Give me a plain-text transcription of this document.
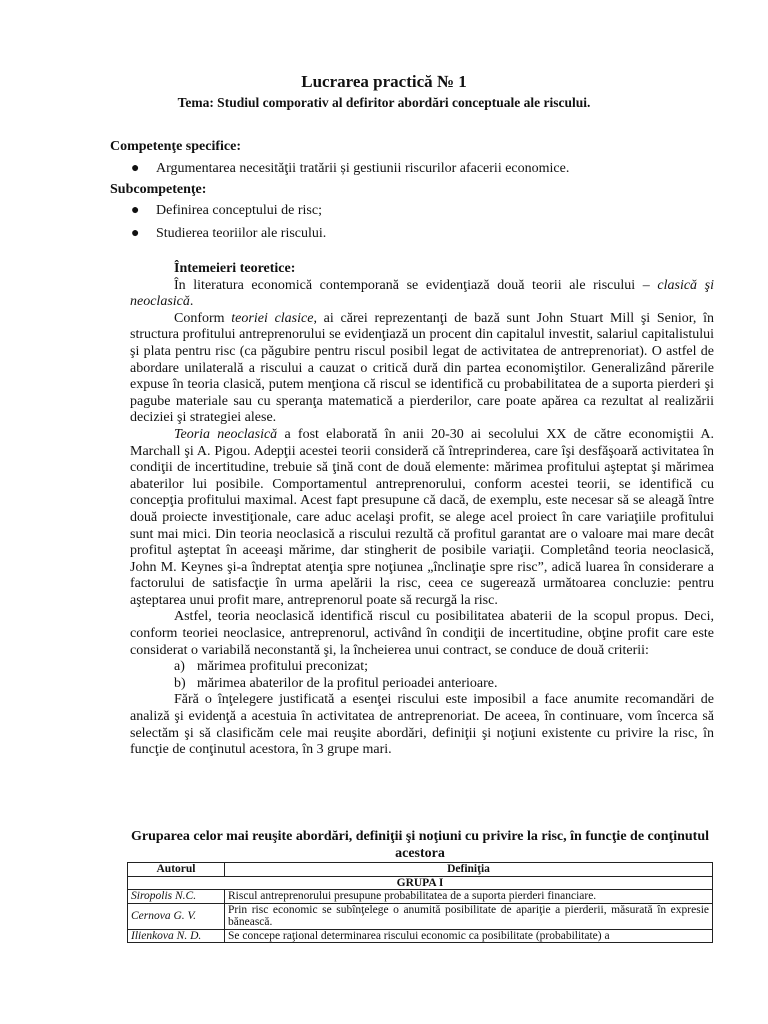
Lucrarea practică № 1
Tema: Studiul comporativ al defiritor abordări conceptuale ale riscului.
Competenţe specifice:
● Argumentarea necesităţii tratării și gestiunii riscurilor afacerii economice.
Subcompetenţe:
● Definirea conceptului de risc;
● Studierea teoriilor ale riscului.

Întemeieri teoretice:

În literatura economică contemporană se evidenţiază două teorii ale riscului – clasică şi neoclasică.

Conform teoriei clasice, ai cărei reprezentanţi de bază sunt John Stuart Mill şi Senior, în structura profitului antreprenorului se evidenţiază un procent din capitalul investit, salariul capitalistului şi plata pentru risc (ca păgubire pentru riscul posibil legat de activitatea de antreprenoriat). O astfel de abordare unilaterală a riscului a cauzat o critică dură din partea economiştilor. Generalizând părerile expuse în teoria clasică, putem menţiona că riscul se identifică cu probabilitatea de a suporta pierderi şi pagube materiale sau cu speranţa matematică a pierderilor, care poate apărea ca rezultat al realizării deciziei şi strategiei alese.

Teoria neoclasică a fost elaborată în anii 20-30 ai secolului XX de către economiştii A. Marchall şi A. Pigou. Adepţii acestei teorii consideră că întreprinderea, care îşi desfăşoară activitatea în condiţii de incertitudine, trebuie să ţină cont de două elemente: mărimea profitului aşteptat şi mărimea abaterilor lui posibile. Comportamentul antreprenorului, conform acestei teorii, se identifică cu concepţia profitului maximal. Acest fapt presupune că dacă, de exemplu, este necesar să se aleagă între două proiecte investiţionale, care aduc acelaşi profit, se alege acel proiect în care variaţiile profitului sunt mai mici. Din teoria neoclasică a riscului rezultă că profitul garantat are o valoare mai mare decât profitul aşteptat în aceeaşi mărime, dar stingherit de posibile variaţii. Completând teoria neoclasică, John M. Keynes şi-a îndreptat atenţia spre noţiunea „înclinaţie spre risc”, adică luarea în considerare a factorului de satisfacţie în urma apelării la risc, ceea ce sugerează următoarea concluzie: pentru aşteptarea unui profit mare, antreprenorul poate să recurgă la risc.

Astfel, teoria neoclasică identifică riscul cu posibilitatea abaterii de la scopul propus. Deci, conform teoriei neoclasice, antreprenorul, activând în condiţii de incertitudine, obţine profit care este considerat o variabilă neconstantă şi, la încheierea unui contract, se conduce de două criterii:

a) mărimea profitului preconizat;
b) mărimea abaterilor de la profitul perioadei anterioare.

Fără o înţelegere justificată a esenţei riscului este imposibil a face anumite recomandări de analiză şi evidenţă a acestuia în activitatea de antreprenoriat. De aceea, în continuare, vom încerca să selectăm şi să clasificăm cele mai reuşite abordări, definiţii şi noţiuni existente cu privire la risc, în funcţie de conţinutul acestora, în 3 grupe mari.

Gruparea celor mai reuşite abordări, definiţii şi noţiuni cu privire la risc, în funcţie de conţinutul acestora
Autorul	Definiţia
GRUPA I	
Siropolis N.C.	Riscul antreprenorului presupune probabilitatea de a suporta pierderi financiare.
Cernova G. V.	Prin risc economic se subînţelege o anumită posibilitate de apariţie a pierderii, măsurată în expresie bănească.
Ilienkova N. D.	Se concepe raţional determinarea riscului economic ca posibilitate (probabilitate) a
